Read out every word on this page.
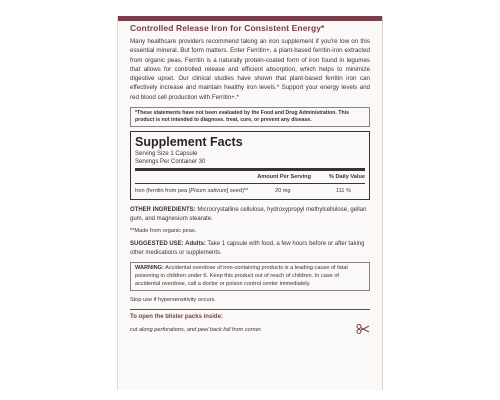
Controlled Release Iron for Consistent Energy*

Many healthcare providers recommend taking an iron supplement if you're low on this essential mineral. But form matters. Enter Ferritin+, a plant-based ferritin-iron extracted from organic peas. Ferritin is a naturally protein-coated form of iron found in legumes that allows for controlled release and efficient absorption, which helps to minimize digestive upset. Our clinical studies have shown that plant-based ferritin iron can effectively increase and maintain healthy iron levels.* Support your energy levels and red blood cell production with Ferritin+.*

*These statements have not been evaluated by the Food and Drug Administration. This product is not intended to diagnose, treat, cure, or prevent any disease.
Supplement Facts
Serving Size 1 Capsule
Servings Per Container 30
Amount Per Serving	% Daily Value
Iron (ferritin from pea [Pisum sativum] seed)**	20 mg	111 %

OTHER INGREDIENTS: Microcrystalline cellulose, hydroxypropyl methylcellulose, gellan gum, and magnesium stearate.

**Made from organic peas.

SUGGESTED USE: Adults: Take 1 capsule with food, a few hours before or after taking other medications or supplements.

WARNING: Accidental overdose of iron-containing products is a leading cause of fatal poisoning in children under 6. Keep this product out of reach of children. In case of accidental overdose, call a doctor or poison control center immediately.

Stop use if hypersensitivity occurs.

To open the blister packs inside:
cut along perforations, and peel back foil from corner.
